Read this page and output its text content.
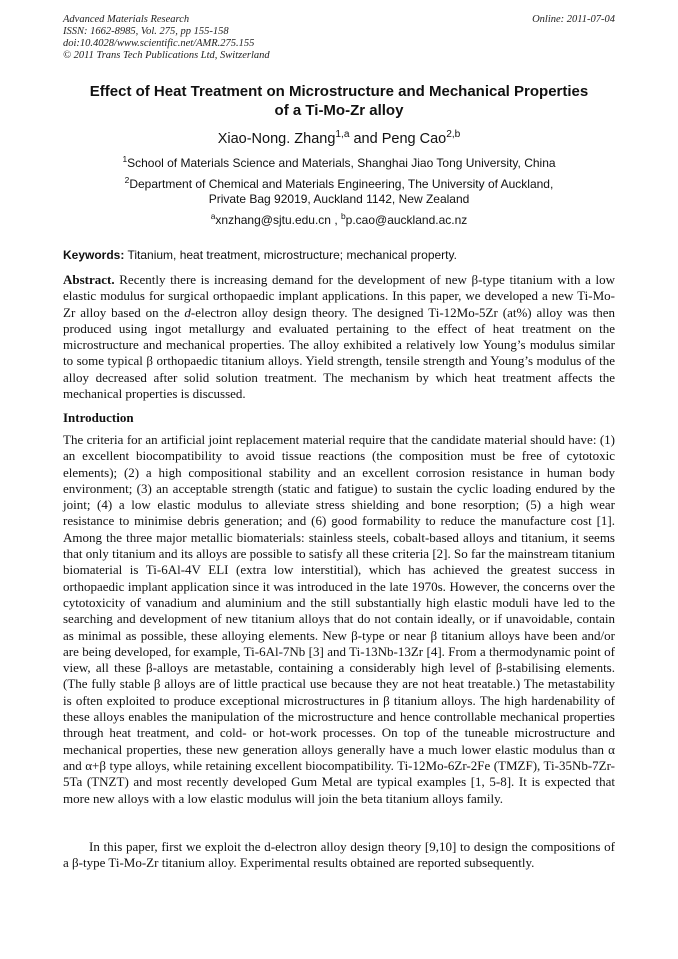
Advanced Materials Research
ISSN: 1662-8985, Vol. 275, pp 155-158
doi:10.4028/www.scientific.net/AMR.275.155
© 2011 Trans Tech Publications Ltd, Switzerland
Online: 2011-07-04
Effect of Heat Treatment on Microstructure and Mechanical Properties
of a Ti-Mo-Zr alloy
Xiao-Nong. Zhang$^{1,a}$ and Peng Cao$^{2,b}$
$^1$School of Materials Science and Materials, Shanghai Jiao Tong University, China
$^2$Department of Chemical and Materials Engineering, The University of Auckland,
Private Bag 92019, Auckland 1142, New Zealand
$^a$xnzhang@sjtu.edu.cn , $^b$p.cao@auckland.ac.nz
Keywords: Titanium, heat treatment, microstructure; mechanical property.
Abstract. Recently there is increasing demand for the development of new β-type titanium with a low elastic modulus for surgical orthopaedic implant applications. In this paper, we developed a new Ti-Mo-Zr alloy based on the d-electron alloy design theory. The designed Ti-12Mo-5Zr (at%) alloy was then produced using ingot metallurgy and evaluated pertaining to the effect of heat treatment on the microstructure and mechanical properties. The alloy exhibited a relatively low Young’s modulus similar to some typical β orthopaedic titanium alloys. Yield strength, tensile strength and Young’s modulus of the alloy decreased after solid solution treatment. The mechanism by which heat treatment affects the mechanical properties is discussed.
Introduction
The criteria for an artificial joint replacement material require that the candidate material should have: (1) an excellent biocompatibility to avoid tissue reactions (the composition must be free of cytotoxic elements); (2) a high compositional stability and an excellent corrosion resistance in human body environment; (3) an acceptable strength (static and fatigue) to sustain the cyclic loading endured by the joint; (4) a low elastic modulus to alleviate stress shielding and bone resorption; (5) a high wear resistance to minimise debris generation; and (6) good formability to reduce the manufacture cost [1]. Among the three major metallic biomaterials: stainless steels, cobalt-based alloys and titanium, it seems that only titanium and its alloys are possible to satisfy all these criteria [2]. So far the mainstream titanium biomaterial is Ti-6Al-4V ELI (extra low interstitial), which has achieved the greatest success in orthopaedic implant application since it was introduced in the late 1970s. However, the concerns over the cytotoxicity of vanadium and aluminium and the still substantially high elastic moduli have led to the searching and development of new titanium alloys that do not contain ideally, or if unavoidable, contain as minimal as possible, these alloying elements. New β-type or near β titanium alloys have been and/or are being developed, for example, Ti-6Al-7Nb [3] and Ti-13Nb-13Zr [4]. From a thermodynamic point of view, all these β-alloys are metastable, containing a considerably high level of β-stabilising elements. (The fully stable β alloys are of little practical use because they are not heat treatable.) The metastability is often exploited to produce exceptional microstructures in β titanium alloys. The high hardenability of these alloys enables the manipulation of the microstructure and hence controllable mechanical properties through heat treatment, and cold- or hot-work processes. On top of the tuneable microstructure and mechanical properties, these new generation alloys generally have a much lower elastic modulus than α and α+β type alloys, while retaining excellent biocompatibility. Ti-12Mo-6Zr-2Fe (TMZF), Ti-35Nb-7Zr-5Ta (TNZT) and most recently developed Gum Metal are typical examples [1, 5-8]. It is expected that more new alloys with a low elastic modulus will join the beta titanium alloys family.
In this paper, first we exploit the d-electron alloy design theory [9,10] to design the compositions of a β-type Ti-Mo-Zr titanium alloy. Experimental results obtained are reported subsequently.
